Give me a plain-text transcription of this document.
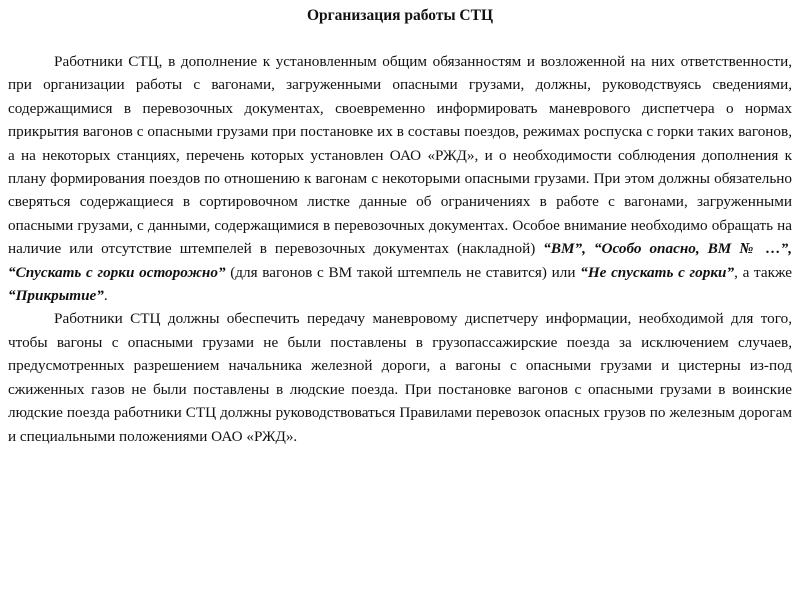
Организация работы СТЦ

Работники СТЦ, в дополнение к установленным общим обязанностям и возложенной на них ответственности, при организации работы с вагонами, загруженными опасными грузами, должны, руководствуясь сведениями, содержащимися в перевозочных документах, своевременно информировать маневрового диспетчера о нормах прикрытия вагонов с опасными грузами при постановке их в составы поездов, режимах роспуска с горки таких вагонов, а на некоторых станциях, перечень которых установлен ОАО «РЖД», и о необходимости соблюдения дополнения к плану формирования поездов по отношению к вагонам с некоторыми опасными грузами. При этом должны обязательно сверяться содержащиеся в сортировочном листке данные об ограничениях в работе с вагонами, загруженными опасными грузами, с данными, содержащимися в перевозочных документах. Особое внимание необходимо обращать на наличие или отсутствие штемпелей в перевозочных документах (накладной) “ВМ”, “Особо опасно, ВМ № …”, “Спускать с горки осторожно” (для вагонов с ВМ такой штемпель не ставится) или “Не спускать с горки”, а также “Прикрытие”.

Работники СТЦ должны обеспечить передачу маневровому диспетчеру информации, необходимой для того, чтобы вагоны с опасными грузами не были поставлены в грузопассажирские поезда за исключением случаев, предусмотренных разрешением начальника железной дороги, а вагоны с опасными грузами и цистерны из-под сжиженных газов не были поставлены в людские поезда. При постановке вагонов с опасными грузами в воинские людские поезда работники СТЦ должны руководствоваться Правилами перевозок опасных грузов по железным дорогам и специальными положениями ОАО «РЖД».
